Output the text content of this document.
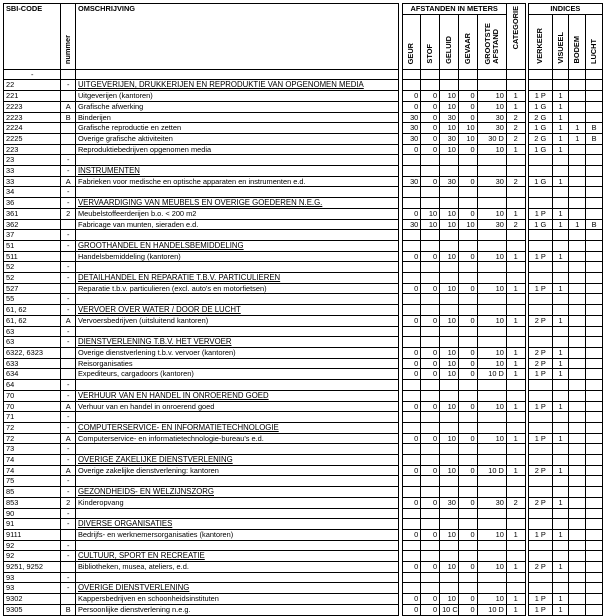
SBI-CODE	nummer	OMSCHRIJVING		AFSTANDEN IN METERS					CATEGORIE		INDICES			
				GEUR	STOF	GELUID	GEVAAR	GROOTSTEAFSTAND			VERKEER	VISUEEL	BODEM	LUCHT
-														
22	-	UITGEVERIJEN, DRUKKERIJEN EN REPRODUKTIE VAN OPGENOMEN MEDIA												
221		Uitgeverijen (kantoren)		0	0	10	0	10	1		1 P	1		
2223	A	Grafische afwerking		0	0	10	0	10	1		1 G	1		
2223	B	Binderijen		30	0	30	0	30	2		2 G	1		
2224		Grafische reproductie en zetten		30	0	10	10	30	2		1 G	1	1	B
2225		Overige grafische aktiviteiten		30	0	30	10	30 D	2		2 G	1	1	B
223		Reproduktiebedrijven opgenomen media		0	0	10	0	10	1		1 G	1		
23	-													
33	-	INSTRUMENTEN												
33	A	Fabrieken voor medische en optische apparaten en instrumenten e.d.		30	0	30	0	30	2		1 G	1		
34	-													
36	-	VERVAARDIGING VAN MEUBELS EN OVERIGE GOEDEREN N.E.G.												
361	2	Meubelstoffeerderijen b.o. < 200 m2		0	10	10	0	10	1		1 P	1		
362		Fabricage van munten, sieraden e.d.		30	10	10	10	30	2		1 G	1	1	B
37	-													
51	-	GROOTHANDEL EN HANDELSBEMIDDELING												
511		Handelsbemiddeling (kantoren)		0	0	10	0	10	1		1 P	1		
52	-													
52	-	DETAILHANDEL EN REPARATIE T.B.V. PARTICULIEREN												
527		Reparatie t.b.v. particulieren (excl. auto's en motorfietsen)		0	0	10	0	10	1		1 P	1		
55	-													
61, 62	-	VERVOER OVER WATER / DOOR DE LUCHT												
61, 62	A	Vervoersbedrijven (uitsluitend kantoren)		0	0	10	0	10	1		2 P	1		
63	-													
63	-	DIENSTVERLENING T.B.V. HET VERVOER												
6322, 6323		Overige dienstverlening t.b.v. vervoer (kantoren)		0	0	10	0	10	1		2 P	1		
633		Reisorganisaties		0	0	10	0	10	1		2 P	1		
634		Expediteurs, cargadoors (kantoren)		0	0	10	0	10 D	1		1 P	1		
64	-													
70	-	VERHUUR VAN EN HANDEL IN ONROEREND GOED												
70	A	Verhuur van en handel in onroerend goed		0	0	10	0	10	1		1 P	1		
71	-													
72	-	COMPUTERSERVICE- EN INFORMATIETECHNOLOGIE												
72	A	Computerservice- en informatietechnologie-bureau's e.d.		0	0	10	0	10	1		1 P	1		
73	-													
74	-	OVERIGE ZAKELIJKE DIENSTVERLENING												
74	A	Overige zakelijke dienstverlening: kantoren		0	0	10	0	10 D	1		2 P	1		
75	-													
85	-	GEZONDHEIDS- EN WELZIJNSZORG												
853	2	Kinderopvang		0	0	30	0	30	2		2 P	1		
90	-													
91	-	DIVERSE ORGANISATIES												
9111		Bedrijfs- en werknemersorganisaties (kantoren)		0	0	10	0	10	1		1 P	1		
92	-													
92	-	CULTUUR, SPORT EN RECREATIE												
9251, 9252		Bibliotheken, musea, ateliers, e.d.		0	0	10	0	10	1		2 P	1		
93	-													
93	-	OVERIGE DIENSTVERLENING												
9302		Kappersbedrijven en schoonheidsinstituten		0	0	10	0	10	1		1 P	1		
9305	B	Persoonlijke dienstverlening n.e.g.		0	0	10 C	0	10 D	1		1 P	1		
